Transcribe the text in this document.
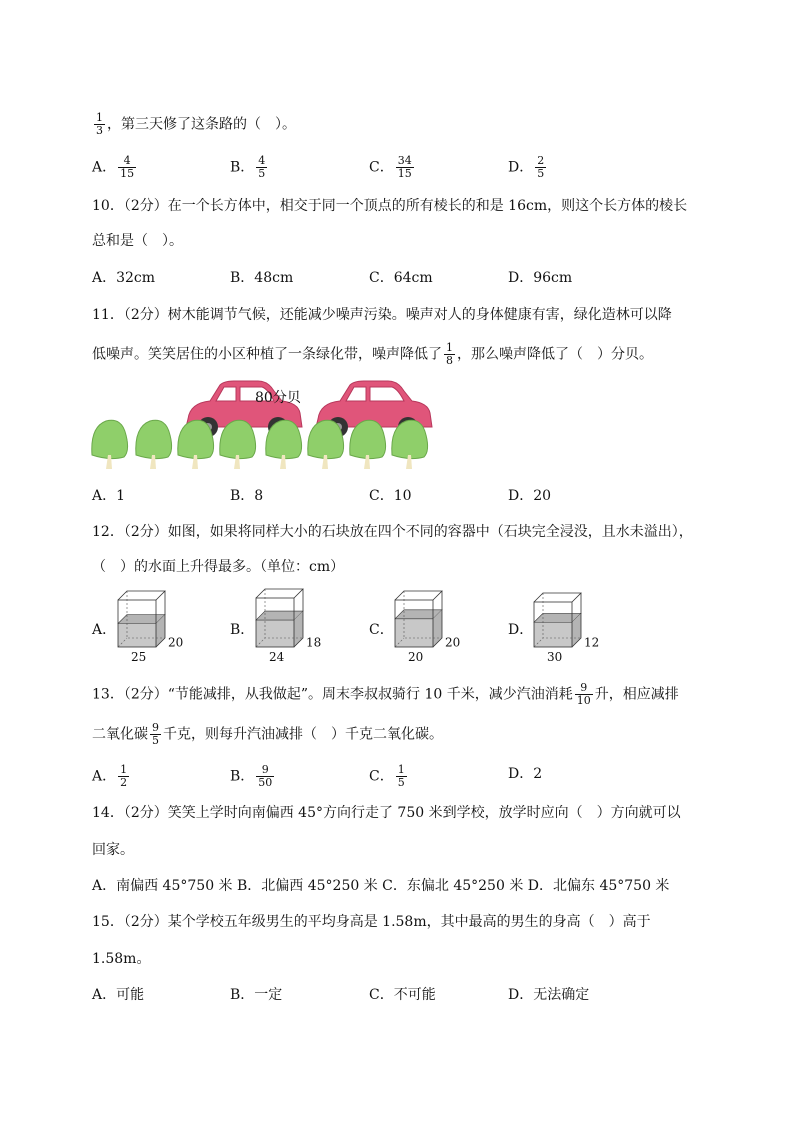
$\frac{1}{3}$ ，第三天修了这条路的（　）。
A． $\frac{4}{15}$	B． $\frac{4}{5}$	C． $\frac{34}{15}$	D． $\frac{2}{5}$
10．（2分）在一个长方体中，相交于同一个顶点的所有棱长的和是 16cm，则这个长方体的棱长
总和是（　）。
A．32cm	B．48cm	C．64cm	D．96cm
11．（2分）树木能调节气候，还能减少噪声污染。噪声对人的身体健康有害，绿化造林可以降
低噪声。笑笑居住的小区种植了一条绿化带，噪声降低了 $\frac{1}{8}$ ，那么噪声降低了（　）分贝。
80分贝
A．1	B．8	C．10	D．20
12．（2分）如图，如果将同样大小的石块放在四个不同的容器中（石块完全浸没，且水未溢出），
（　）的水面上升得最多。（单位：cm）
A．
25
20
B．
24
18
C．
20
20
D．
30
12
13．（2分）“节能减排，从我做起”。周末李叔叔骑行 10 千米，减少汽油消耗 $\frac{9}{10}$ 升，相应减排
二氧化碳 $\frac{9}{5}$ 千克，则每升汽油减排（　）千克二氧化碳。
A． $\frac{1}{2}$	B． $\frac{9}{50}$	C． $\frac{1}{5}$	D．2
14．（2分）笑笑上学时向南偏西 45°方向行走了 750 米到学校，放学时应向（　）方向就可以
回家。
A．南偏西 45°750 米 B．北偏西 45°250 米 C．东偏北 45°250 米 D．北偏东 45°750 米
15．（2分）某个学校五年级男生的平均身高是 1.58m，其中最高的男生的身高（　）高于
1.58m。
A．可能	B．一定	C．不可能	D．无法确定
